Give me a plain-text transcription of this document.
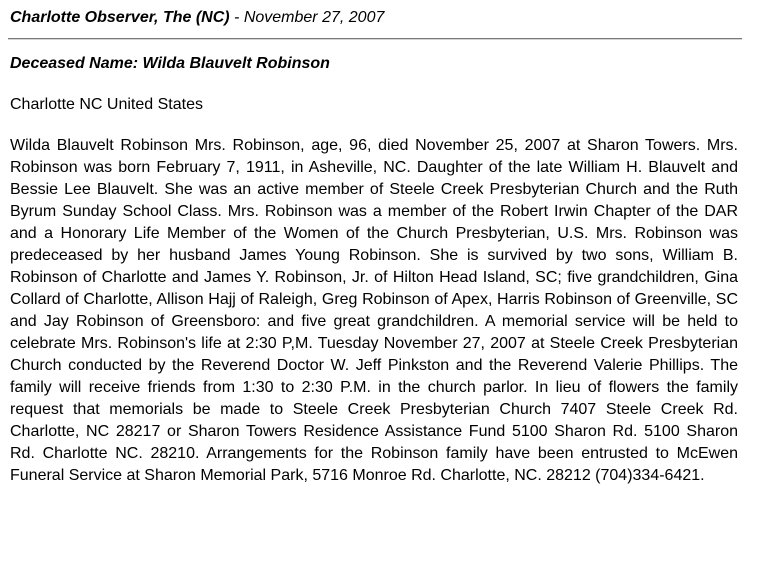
Charlotte Observer, The (NC) - November 27, 2007
Deceased Name: Wilda Blauvelt Robinson
Charlotte NC United States

Wilda Blauvelt Robinson Mrs. Robinson, age, 96, died November 25, 2007 at Sharon Towers. Mrs. Robinson was born February 7, 1911, in Asheville, NC. Daughter of the late William H. Blauvelt and Bessie Lee Blauvelt. She was an active member of Steele Creek Presbyterian Church and the Ruth Byrum Sunday School Class. Mrs. Robinson was a member of the Robert Irwin Chapter of the DAR and a Honorary Life Member of the Women of the Church Presbyterian, U.S. Mrs. Robinson was predeceased by her husband James Young Robinson. She is survived by two sons, William B. Robinson of Charlotte and James Y. Robinson, Jr. of Hilton Head Island, SC; five grandchildren, Gina Collard of Charlotte, Allison Hajj of Raleigh, Greg Robinson of Apex, Harris Robinson of Greenville, SC and Jay Robinson of Greensboro: and five great grandchildren. A memorial service will be held to celebrate Mrs. Robinson's life at 2:30 P,M. Tuesday November 27, 2007 at Steele Creek Presbyterian Church conducted by the Reverend Doctor W. Jeff Pinkston and the Reverend Valerie Phillips. The family will receive friends from 1:30 to 2:30 P.M. in the church parlor. In lieu of flowers the family request that memorials be made to Steele Creek Presbyterian Church 7407 Steele Creek Rd. Charlotte, NC 28217 or Sharon Towers Residence Assistance Fund 5100 Sharon Rd. 5100 Sharon Rd. Charlotte NC. 28210. Arrangements for the Robinson family have been entrusted to McEwen Funeral Service at Sharon Memorial Park, 5716 Monroe Rd. Charlotte, NC. 28212 (704)334-6421.
